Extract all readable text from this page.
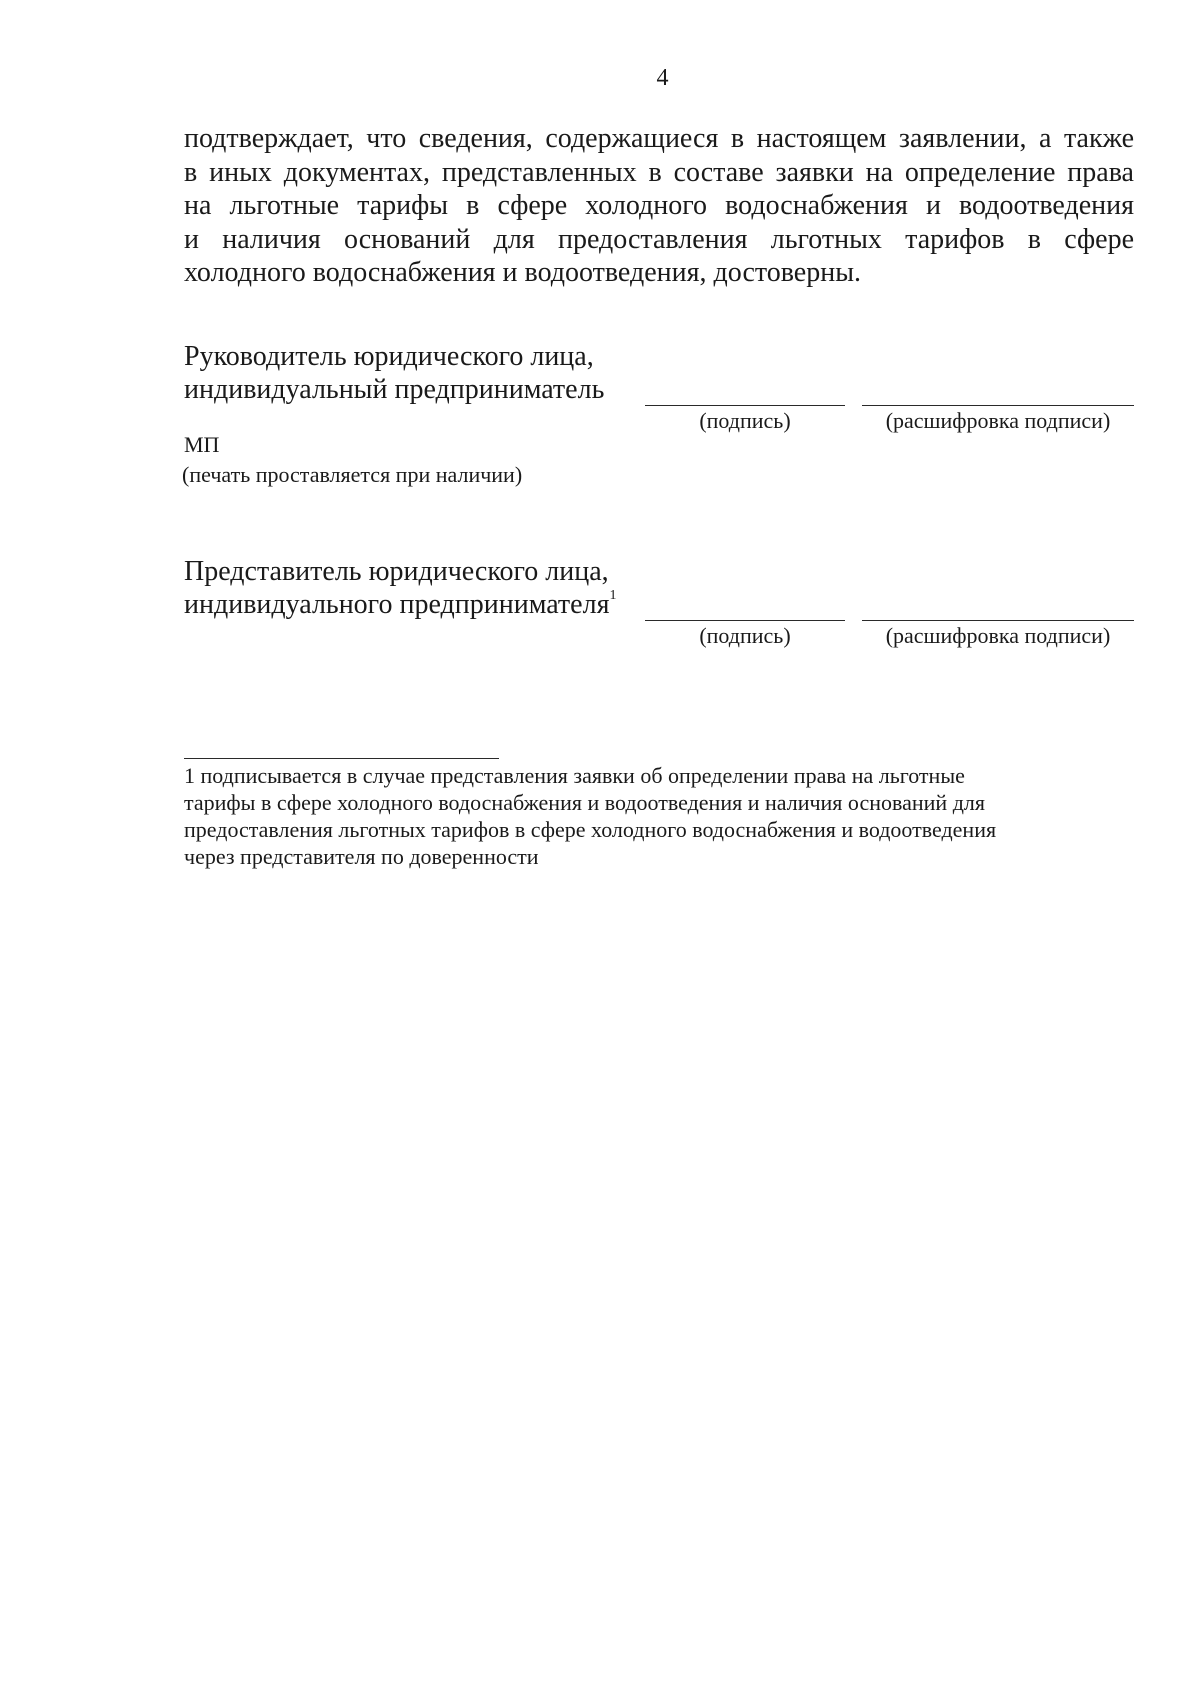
4
подтверждает, что сведения, содержащиеся в настоящем заявлении, а также
в иных документах, представленных в составе заявки на определение права
на льготные тарифы в сфере холодного водоснабжения и водоотведения
и наличия оснований для предоставления льготных тарифов в сфере
холодного водоснабжения и водоотведения, достоверны.
Руководитель юридического лица,
индивидуальный предприниматель
(подпись)	(расшифровка подписи)
МП
(печать проставляется при наличии)
Представитель юридического лица,
индивидуального предпринимателя$^1$
(подпись)	(расшифровка подписи)
1 подписывается в случае представления заявки об определении права на льготные
тарифы в сфере холодного водоснабжения и водоотведения и наличия оснований для
предоставления льготных тарифов в сфере холодного водоснабжения и водоотведения
через представителя по доверенности
